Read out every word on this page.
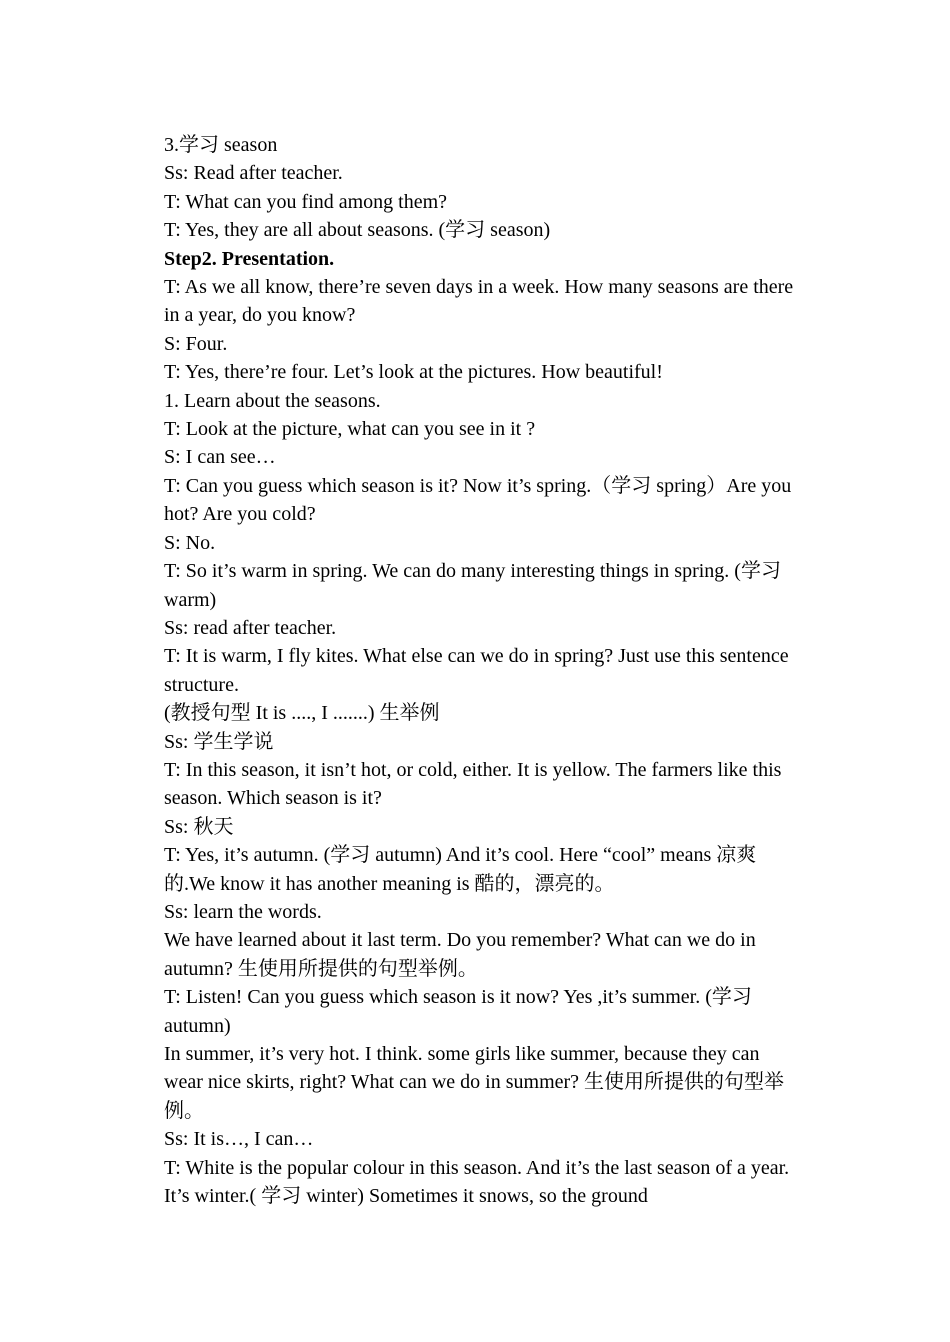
3.学习 season

Ss: Read after teacher.

T: What can you find among them?

T: Yes, they are all about seasons. (学习 season)

Step2. Presentation.

T: As we all know, there’re seven days in a week. How many seasons are there in a year, do you know?

S: Four.

T: Yes, there’re four. Let’s look at the pictures. How beautiful!

1. Learn about the seasons.

T: Look at the picture, what can you see in it ?

S: I can see…

T: Can you guess which season is it? Now it’s spring.（学习 spring）Are you hot? Are you cold?

S: No.

T: So it’s warm in spring. We can do many interesting things in spring. (学习 warm)

Ss: read after teacher.

T: It is warm, I fly kites. What else can we do in spring? Just use this sentence structure.

(教授句型 It is ...., I .......) 生举例

Ss: 学生学说

T: In this season, it isn’t hot, or cold, either. It is yellow. The farmers like this season. Which season is it?

Ss: 秋天

T: Yes, it’s autumn. (学习 autumn) And it’s cool. Here “cool” means 凉爽的.We know it has another meaning is 酷的，漂亮的。

Ss: learn the words.

We have learned about it last term. Do you remember? What can we do in autumn? 生使用所提供的句型举例。

T: Listen! Can you guess which season is it now? Yes ,it’s summer. (学习 autumn)

In summer, it’s very hot. I think. some girls like summer, because they can wear nice skirts, right? What can we do in summer? 生使用所提供的句型举例。

Ss: It is…, I can…

T: White is the popular colour in this season. And it’s the last season of a year. It’s winter.( 学习 winter) Sometimes it snows, so the ground
